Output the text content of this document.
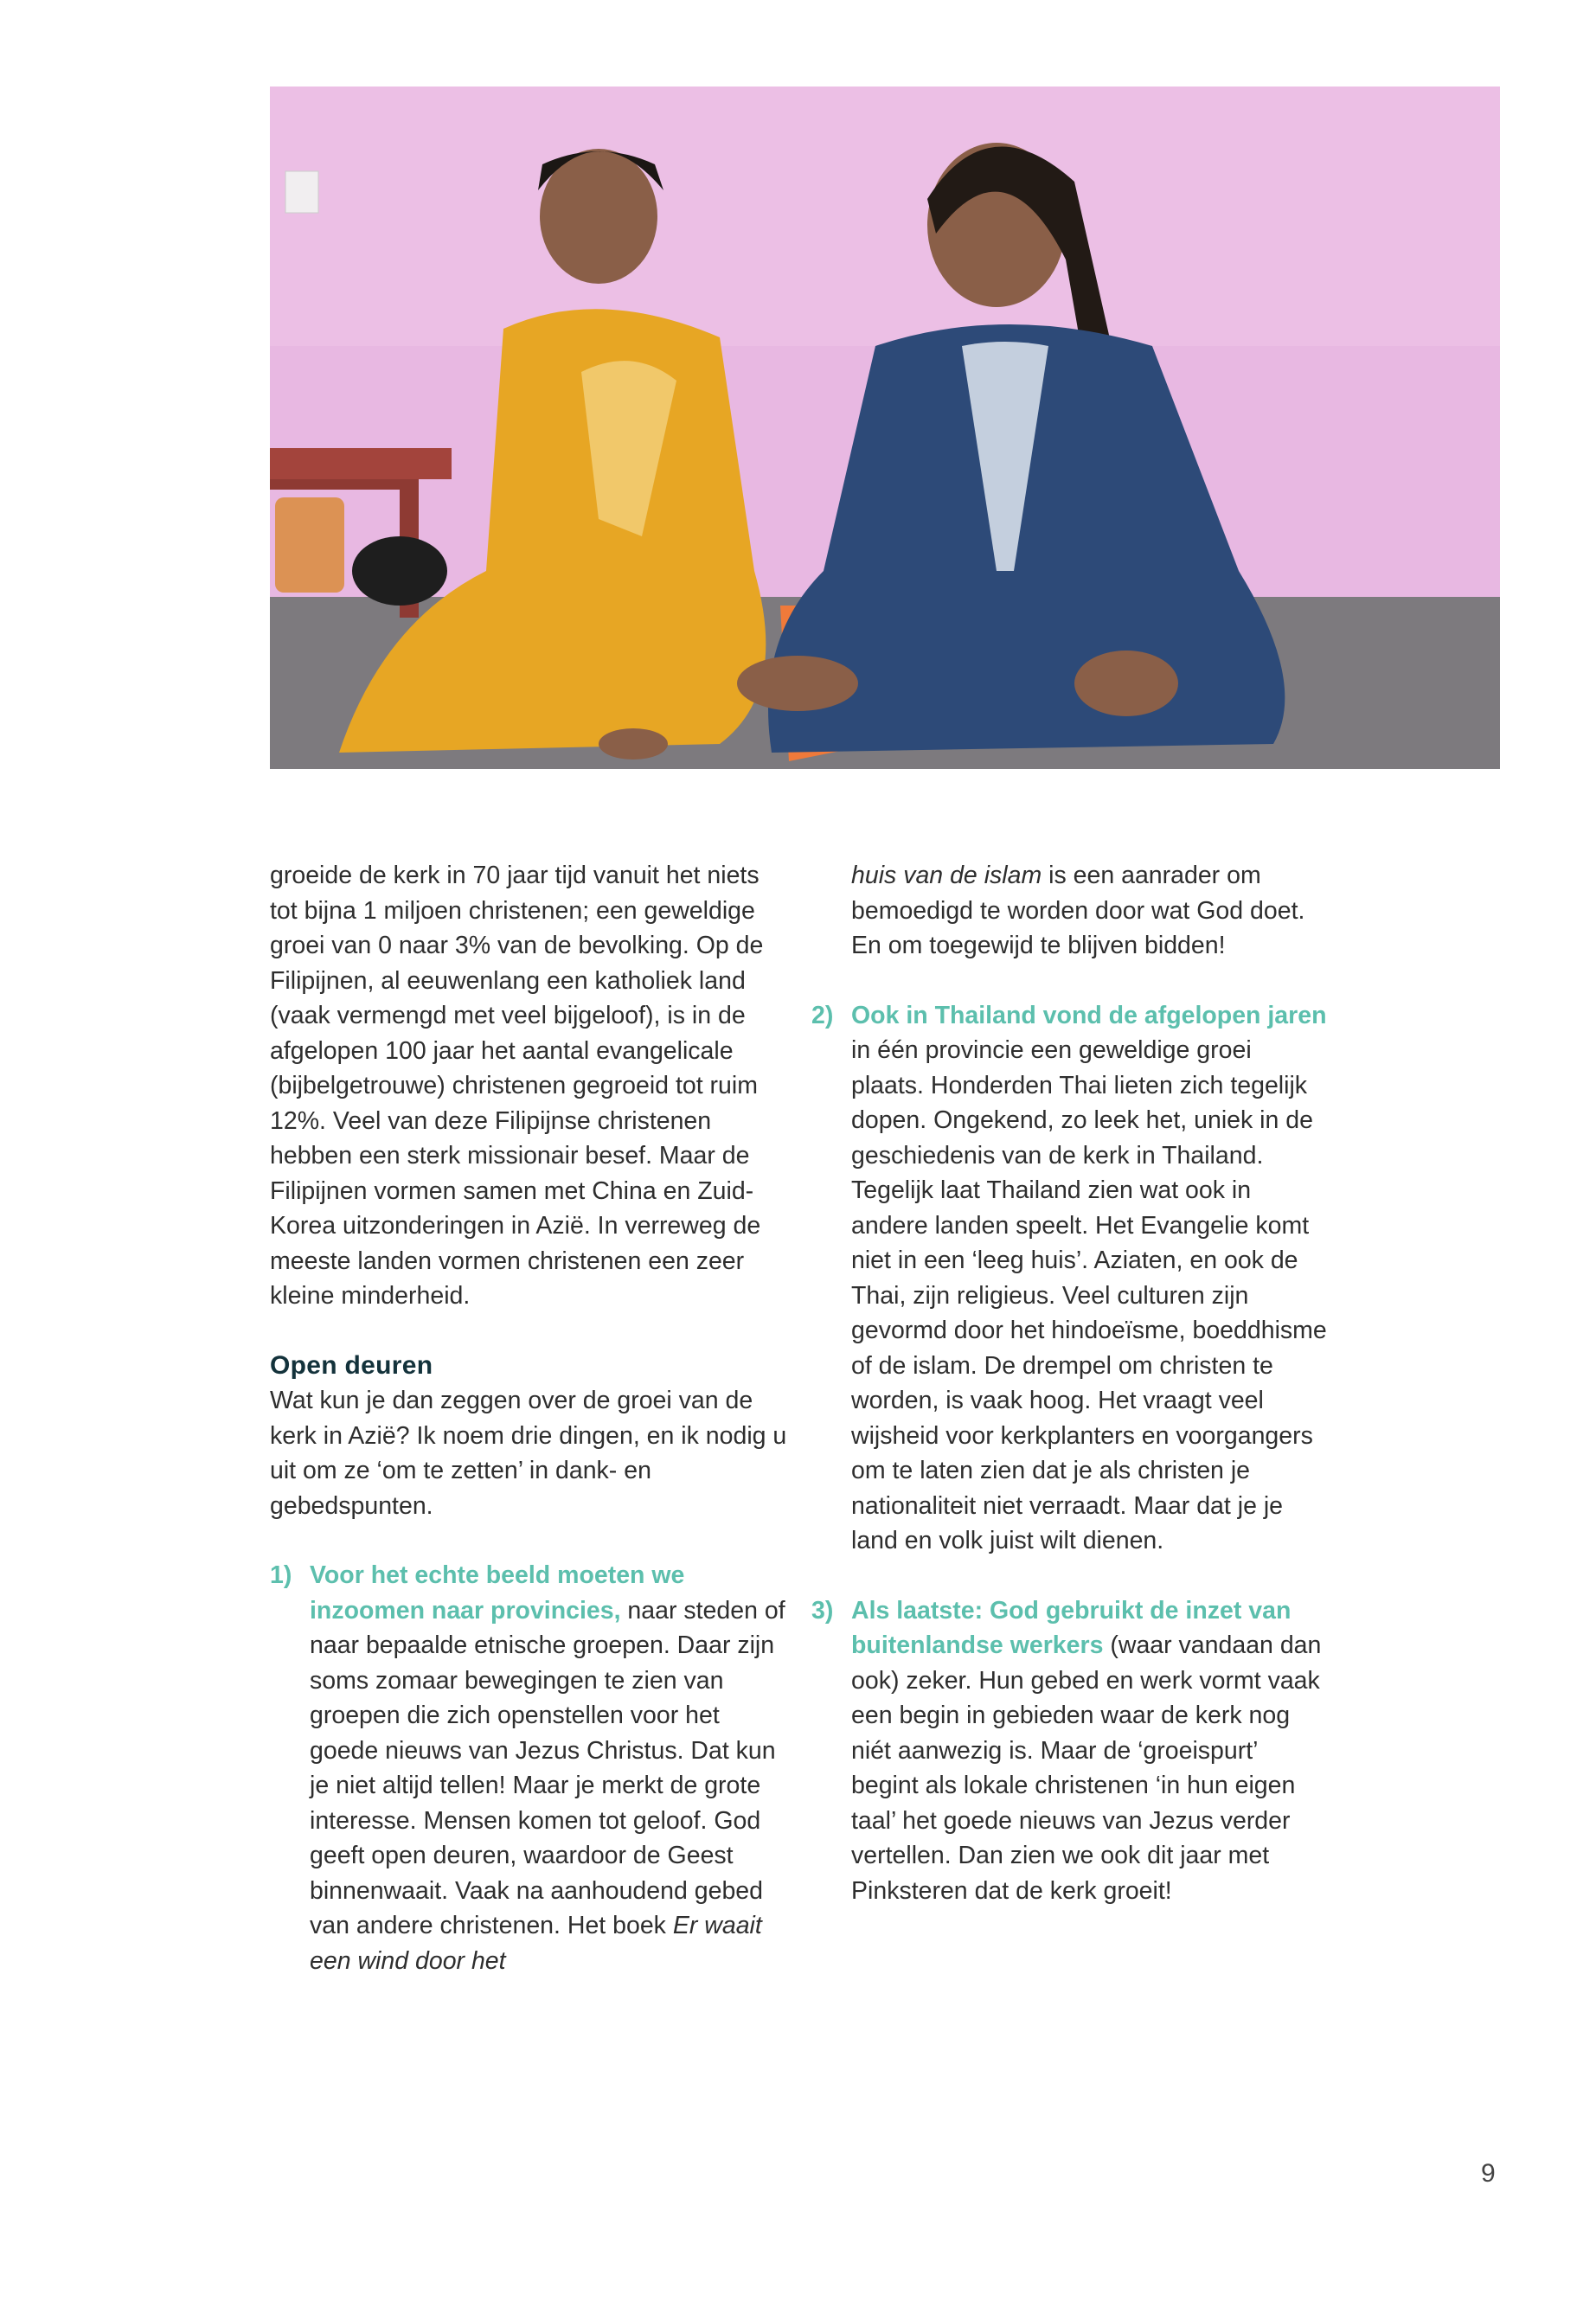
groeide de kerk in 70 jaar tijd vanuit het niets tot bijna 1 miljoen christenen; een geweldige groei van 0 naar 3% van de bevolking. Op de Filipijnen, al eeuwenlang een katholiek land (vaak vermengd met veel bijgeloof), is in de afgelopen 100 jaar het aantal evangelicale (bijbelgetrouwe) christenen gegroeid tot ruim 12%. Veel van deze Filipijnse christenen hebben een sterk missionair besef. Maar de Filipijnen vormen samen met China en Zuid-Korea uitzonderingen in Azië. In verreweg de meeste landen vormen christenen een zeer kleine minderheid.

Open deuren

Wat kun je dan zeggen over de groei van de kerk in Azië? Ik noem drie dingen, en ik nodig u uit om ze ‘om te zetten’ in dank- en gebedspunten.

1) Voor het echte beeld moeten we inzoomen naar provincies, naar steden of naar bepaalde etnische groepen. Daar zijn soms zomaar bewegingen te zien van groepen die zich openstellen voor het goede nieuws van Jezus Christus. Dat kun je niet altijd tellen! Maar je merkt de grote interesse. Mensen komen tot geloof. God geeft open deuren, waardoor de Geest binnenwaait. Vaak na aanhoudend gebed van andere christenen. Het boek Er waait een wind door het

huis van de islam is een aanrader om bemoedigd te worden door wat God doet. En om toegewijd te blijven bidden!

2) Ook in Thailand vond de afgelopen jaren in één provincie een geweldige groei plaats. Honderden Thai lieten zich tegelijk dopen. Ongekend, zo leek het, uniek in de geschiedenis van de kerk in Thailand.

Tegelijk laat Thailand zien wat ook in andere landen speelt. Het Evangelie komt niet in een ‘leeg huis’. Aziaten, en ook de Thai, zijn religieus. Veel culturen zijn gevormd door het hindoeïsme, boeddhisme of de islam. De drempel om christen te worden, is vaak hoog. Het vraagt veel wijsheid voor kerkplanters en voorgangers om te laten zien dat je als christen je nationaliteit niet verraadt. Maar dat je je land en volk juist wilt dienen.

3) Als laatste: God gebruikt de inzet van buitenlandse werkers (waar vandaan dan ook) zeker. Hun gebed en werk vormt vaak een begin in gebieden waar de kerk nog niét aanwezig is. Maar de ‘groeispurt’ begint als lokale christenen ‘in hun eigen taal’ het goede nieuws van Jezus verder vertellen. Dan zien we ook dit jaar met Pinksteren dat de kerk groeit!
9
